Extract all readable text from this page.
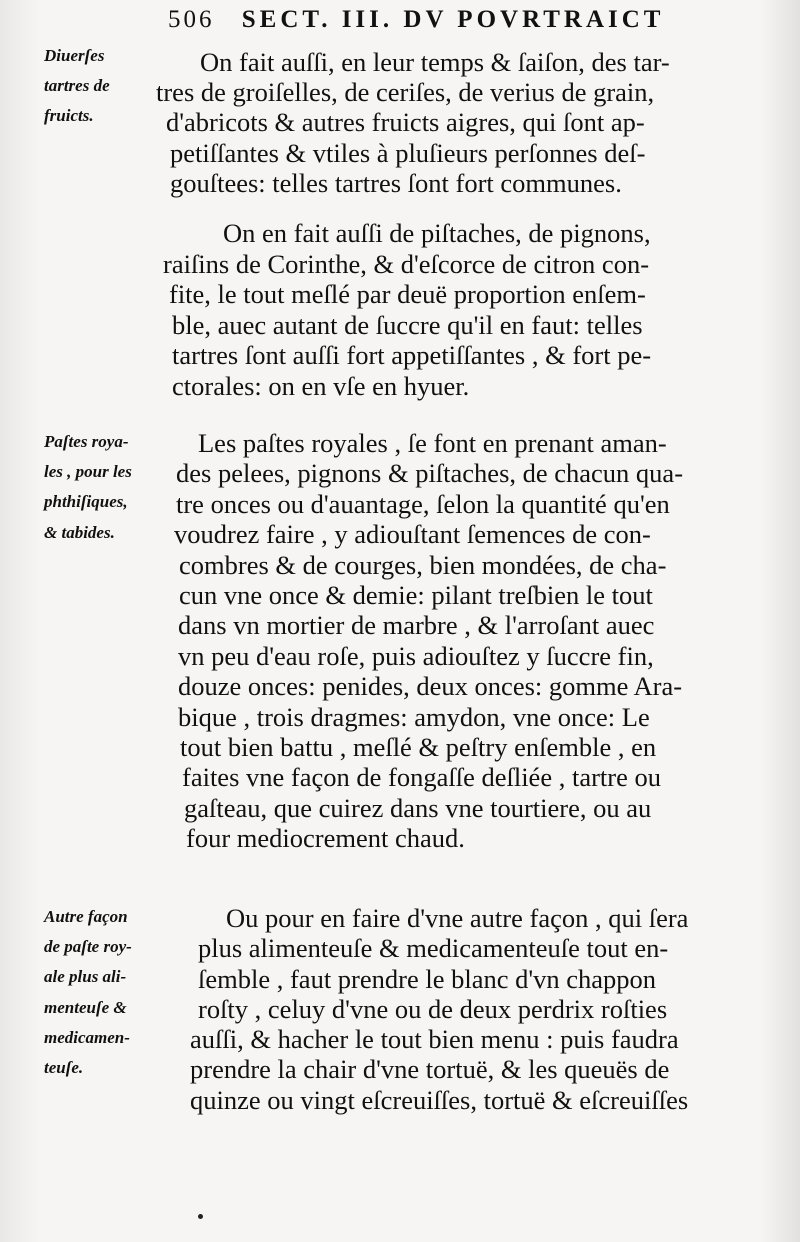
506 SECT. III. DV POVRTRAICT
Diuerſes
tartres de
fruicts.
Paſtes roya-
les , pour les
phthiſiques,
& tabides.
Autre façon
de paſte roy-
ale plus ali-
menteuſe &
medicamen-
teuſe.
On fait auſſi, en leur temps & ſaiſon, des tar-
tres de groiſelles, de ceriſes, de verius de grain,
d'abricots & autres fruicts aigres, qui ſont ap-
petiſſantes & vtiles à pluſieurs perſonnes deſ-
gouſtees: telles tartres ſont fort communes.
On en fait auſſi de piſtaches, de pignons,
raiſins de Corinthe, & d'eſcorce de citron con-
fite, le tout meſlé par deuë proportion enſem-
ble, auec autant de ſuccre qu'il en faut: telles
tartres ſont auſſi fort appetiſſantes , & fort pe-
ctorales: on en vſe en hyuer.
Les paſtes royales , ſe font en prenant aman-
des pelees, pignons & piſtaches, de chacun qua-
tre onces ou d'auantage, ſelon la quantité qu'en
voudrez faire , y adiouſtant ſemences de con-
combres & de courges, bien mondées, de cha-
cun vne once & demie: pilant treſbien le tout
dans vn mortier de marbre , & l'arroſant auec
vn peu d'eau roſe, puis adiouſtez y ſuccre fin,
douze onces: penides, deux onces: gomme Ara-
bique , trois dragmes: amydon, vne once: Le
tout bien battu , meſlé & peſtry enſemble , en
faites vne façon de fongaſſe deſliée , tartre ou
gaſteau, que cuirez dans vne tourtiere, ou au
four mediocrement chaud.
Ou pour en faire d'vne autre façon , qui ſera
plus alimenteuſe & medicamenteuſe tout en-
ſemble , faut prendre le blanc d'vn chappon
roſty , celuy d'vne ou de deux perdrix roſties
auſſi, & hacher le tout bien menu : puis faudra
prendre la chair d'vne tortuë, & les queuës de
quinze ou vingt eſcreuiſſes, tortuë & eſcreuiſſes
